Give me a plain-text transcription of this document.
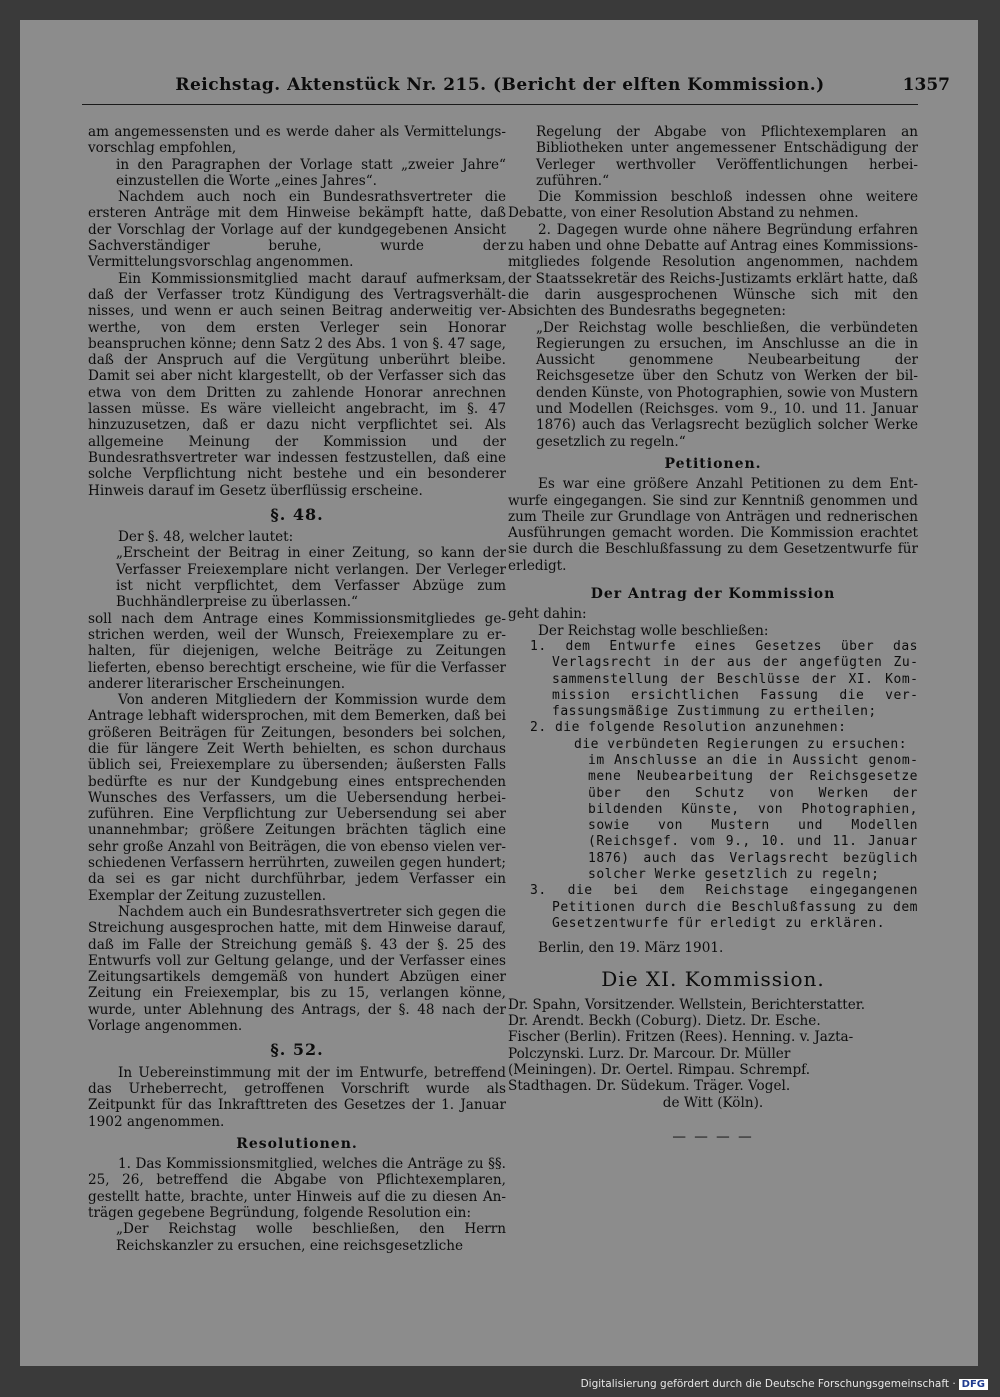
Reichstag. Aktenstück Nr. 215. (Bericht der elften Kommission.)	1357

am angemessensten und es werde daher als Vermittelungsvorschlag empfohlen,

in den Paragraphen der Vorlage statt „zweier Jahre“ einzustellen die Worte „eines Jahres“.

Nachdem auch noch ein Bundesrathsvertreter die ersteren Anträge mit dem Hinweise bekämpft hatte, daß der Vorschlag der Vorlage auf der kundgegebenen Ansicht Sachverständiger beruhe, wurde der Vermittelungsvorschlag angenommen.

Ein Kommissionsmitglied macht darauf aufmerksam, daß der Verfasser trotz Kündigung des Vertragsverhältnisses, und wenn er auch seinen Beitrag anderweitig verwerthe, von dem ersten Verleger sein Honorar beanspruchen könne; denn Satz 2 des Abs. 1 von §. 47 sage, daß der Anspruch auf die Vergütung unberührt bleibe. Damit sei aber nicht klargestellt, ob der Verfasser sich das etwa von dem Dritten zu zahlende Honorar anrechnen lassen müsse. Es wäre vielleicht angebracht, im §. 47 hinzuzusetzen, daß er dazu nicht verpflichtet sei. Als allgemeine Meinung der Kommission und der Bundesrathsvertreter war indessen festzustellen, daß eine solche Verpflichtung nicht bestehe und ein besonderer Hinweis darauf im Gesetz überflüssig erscheine.

§. 48.

Der §. 48, welcher lautet:

„Erscheint der Beitrag in einer Zeitung, so kann der Verfasser Freiexemplare nicht verlangen. Der Verleger ist nicht verpflichtet, dem Verfasser Abzüge zum Buchhändlerpreise zu überlassen.“

soll nach dem Antrage eines Kommissionsmitgliedes gestrichen werden, weil der Wunsch, Freiexemplare zu erhalten, für diejenigen, welche Beiträge zu Zeitungen lieferten, ebenso berechtigt erscheine, wie für die Verfasser anderer literarischer Erscheinungen.

Von anderen Mitgliedern der Kommission wurde dem Antrage lebhaft widersprochen, mit dem Bemerken, daß bei größeren Beiträgen für Zeitungen, besonders bei solchen, die für längere Zeit Werth behielten, es schon durchaus üblich sei, Freiexemplare zu übersenden; äußersten Falls bedürfte es nur der Kundgebung eines entsprechenden Wunsches des Verfassers, um die Uebersendung herbeizuführen. Eine Verpflichtung zur Uebersendung sei aber unannehmbar; größere Zeitungen brächten täglich eine sehr große Anzahl von Beiträgen, die von ebenso vielen verschiedenen Verfassern herrührten, zuweilen gegen hundert; da sei es gar nicht durchführbar, jedem Verfasser ein Exemplar der Zeitung zuzustellen.

Nachdem auch ein Bundesrathsvertreter sich gegen die Streichung ausgesprochen hatte, mit dem Hinweise darauf, daß im Falle der Streichung gemäß §. 43 der §. 25 des Entwurfs voll zur Geltung gelange, und der Verfasser eines Zeitungsartikels demgemäß von hundert Abzügen einer Zeitung ein Freiexemplar, bis zu 15, verlangen könne, wurde, unter Ablehnung des Antrags, der §. 48 nach der Vorlage angenommen.

§. 52.

In Uebereinstimmung mit der im Entwurfe, betreffend das Urheberrecht, getroffenen Vorschrift wurde als Zeitpunkt für das Inkrafttreten des Gesetzes der 1. Januar 1902 angenommen.

Resolutionen.

1. Das Kommissionsmitglied, welches die Anträge zu §§. 25, 26, betreffend die Abgabe von Pflichtexemplaren, gestellt hatte, brachte, unter Hinweis auf die zu diesen Anträgen gegebene Begründung, folgende Resolution ein:

„Der Reichstag wolle beschließen, den Herrn Reichskanzler zu ersuchen, eine reichsgesetzliche

Regelung der Abgabe von Pflichtexemplaren an Bibliotheken unter angemessener Entschädigung der Verleger werthvoller Veröffentlichungen herbeizuführen.“

Die Kommission beschloß indessen ohne weitere Debatte, von einer Resolution Abstand zu nehmen.

2. Dagegen wurde ohne nähere Begründung erfahren zu haben und ohne Debatte auf Antrag eines Kommissionsmitgliedes folgende Resolution angenommen, nachdem der Staatssekretär des Reichs-Justizamts erklärt hatte, daß die darin ausgesprochenen Wünsche sich mit den Absichten des Bundesraths begegneten:

„Der Reichstag wolle beschließen, die verbündeten Regierungen zu ersuchen, im Anschlusse an die in Aussicht genommene Neubearbeitung der Reichsgesetze über den Schutz von Werken der bildenden Künste, von Photographien, sowie von Mustern und Modellen (Reichsges. vom 9., 10. und 11. Januar 1876) auch das Verlagsrecht bezüglich solcher Werke gesetzlich zu regeln.“

Petitionen.

Es war eine größere Anzahl Petitionen zu dem Entwurfe eingegangen. Sie sind zur Kenntniß genommen und zum Theile zur Grundlage von Anträgen und rednerischen Ausführungen gemacht worden. Die Kommission erachtet sie durch die Beschlußfassung zu dem Gesetzentwurfe für erledigt.

Der Antrag der Kommission

geht dahin:

Der Reichstag wolle beschließen:

1. dem Entwurfe eines Gesetzes über das Verlagsrecht in der aus der angefügten Zusammenstellung der Beschlüsse der XI. Kommission ersichtlichen Fassung die verfassungsmäßige Zustimmung zu ertheilen;

2. die folgende Resolution anzunehmen:

die verbündeten Regierungen zu ersuchen:

im Anschlusse an die in Aussicht genommene Neubearbeitung der Reichsgesetze über den Schutz von Werken der bildenden Künste, von Photographien, sowie von Mustern und Modellen (Reichsgef. vom 9., 10. und 11. Januar 1876) auch das Verlagsrecht bezüglich solcher Werke gesetzlich zu regeln;

3. die bei dem Reichstage eingegangenen Petitionen durch die Beschlußfassung zu dem Gesetzentwurfe für erledigt zu erklären.

Berlin, den 19. März 1901.

Die XI. Kommission.

Dr. Spahn, Vorsitzender. Wellstein, Berichterstatter.

Dr. Arendt. Beckh (Coburg). Dietz. Dr. Esche.

Fischer (Berlin). Fritzen (Rees). Henning. v. Jazta-

Polczynski. Lurz. Dr. Marcour. Dr. Müller

(Meiningen). Dr. Oertel. Rimpau. Schrempf.

Stadthagen. Dr. Südekum. Träger. Vogel.

de Witt (Köln).

— — — —
Digitalisierung gefördert durch die Deutsche Forschungsgemeinschaft · DFG
